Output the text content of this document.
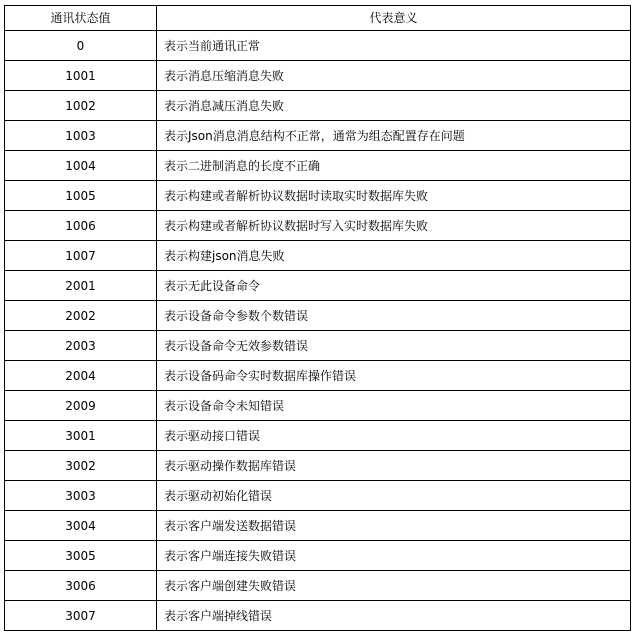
通讯状态值	代表意义
0	表示当前通讯正常
1001	表示消息压缩消息失败
1002	表示消息减压消息失败
1003	表示Json消息消息结构不正常，通常为组态配置存在问题
1004	表示二进制消息的长度不正确
1005	表示构建或者解析协议数据时读取实时数据库失败
1006	表示构建或者解析协议数据时写入实时数据库失败
1007	表示构建json消息失败
2001	表示无此设备命令
2002	表示设备命令参数个数错误
2003	表示设备命令无效参数错误
2004	表示设备码命令实时数据库操作错误
2009	表示设备命令未知错误
3001	表示驱动接口错误
3002	表示驱动操作数据库错误
3003	表示驱动初始化错误
3004	表示客户端发送数据错误
3005	表示客户端连接失败错误
3006	表示客户端创建失败错误
3007	表示客户端掉线错误
